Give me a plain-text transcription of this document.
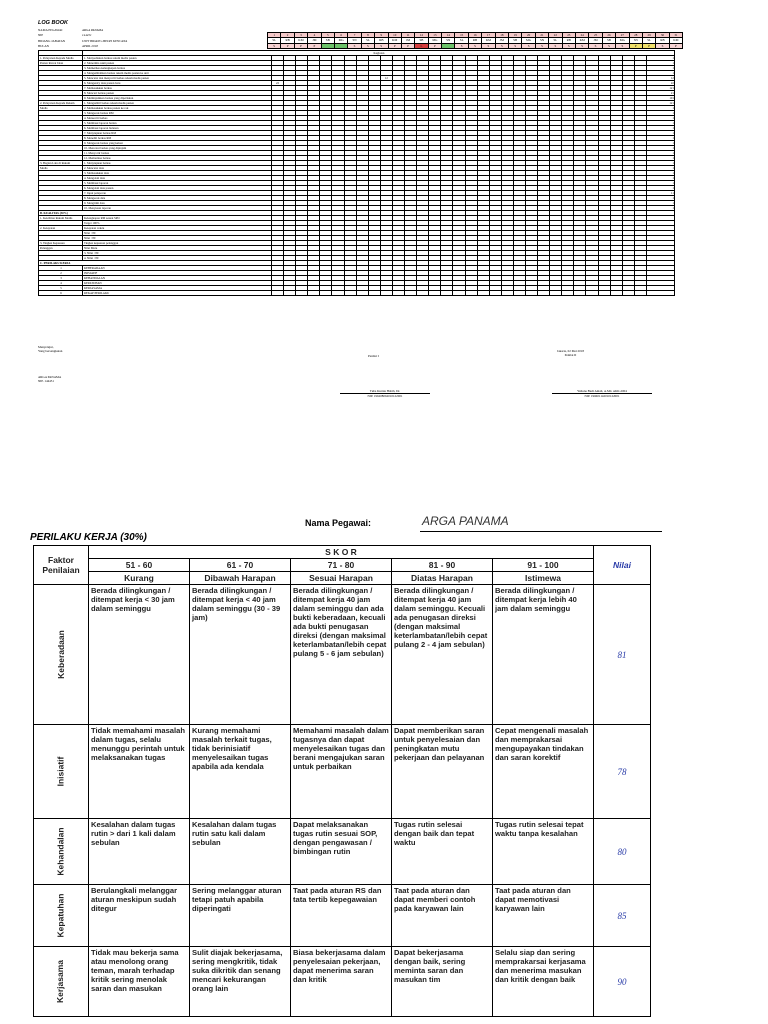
LOG BOOK
NAMA PEGAWAI	ARGA PANAMA
NIP	144451
BIDANG JABATAN	UNIT BIDANG MEDIS KENCANA
BULAN	APRIL 2018
1	2	3	4	5	6	7	8	9	10	11	12	13	14	15	16	17	18	19	20	21	22	23	24	25	26	27	28	29	30	31
SL	RB	KM	JM	SB	MG	SN	SL	RB	KM	JM	SB	MG	SN	SL	RB	KM	JM	SB	MG	SN	SL	RB	KM	JM	SB	MG	SN	SL	RB	KM
S	P	P	P			S	S	S	P	P	L	P		S	S	S	S	S	S	S	S	S	S	S	S	S	P	P	S	P
	Kegiatan																																
1. Pelayanan Kepada Medis	1. Menyediakan berkas rekam medis pasien																																1
Pasien Rawat Jalan	2. Menerima sakit pasien																																1
	3. Memeriksa kelengkapan berkas																																1
	4. Mengembalikan berkas rekam medis pasien ke unit																																1
	5. Mencatat dan menyortir berkas rekam medis pasien										12																						12
	6. Mengentry data pasien baru	22																															22
	7. Memasukkan berkas																																121
	8. Mencari berkas pasien																																21
	9. Meminjamkan berkas yang diperlukan																																101
2. Pelayanan Kepada Rekam	1. Mengambil berkas rekam medis pasien																																121
Medis	2. Memasukkan berkas pasien ke rak																																1
	3. Mengecek berkas RM																																1
	4. Mensortir berkas																																1
	5. Membuat laporan harian																																1
	6. Membuat laporan bulanan																																1
	7. Menyiapkan berkas RM																																1
	8. Meneliti berkas RM																																1
	9. Mengecek berkas yang keluar																																1
	10. Mencatat berkas yang dipinjam																																1
	11. Menyortir berkas																																1
	12. Memeriksa berkas																																1
3. Bagian Lain di Rekam	1. Menyiapkan berkas																																1
Medis	2. Mencatat data																																1
	3. Memasukkan data																																1
	4. Mengolah data																																1
	5. Membuat laporan																																1
	6. Mengolah data pasien																																1
	7. Input pelaporan																																11
	8. Mengecek data																																1
	9. Mengirim data																																1
	10. Menyusun laporan																																1
B. KUALITAS (30%)																																	
1. Ketelitian Rekam Medis	Kelengkapan RM sesuai SPO																																
	Target 100%																																
2. Ketepatan	Ketepatan waktu																																
	Nilai : 80																																
	Nilai : 80																																
3. Tingkat Kepuasan	Tingkat kepuasan pelanggan																																
Pelanggan	Nilai Mutu																																
	3. Nilai : 80																																
	4. Nilai : 80																																
C. PERILAKU KERJA																																	
1	KEBERADAAN																																
2	INISIATIF																																
3	KEHANDALAN																																
4	KEPATUHAN																																
5	KERJASAMA																																
6	REKAP PERILAKU																																
Menyetujui,
Yang bersangkutan
ARGA PANAMA
NIP. 144451
Penilai I
Jakarta, 02 Mei 2018
Penilai II
Tuba Kurnia Habib, Dr.
NIP. 196208062010122001
Yuliana Budi Amali, A.Md. AKK.2004
NIP. 196601142010122001
Nama Pegawai:	ARGA PANAMA
PERILAKU KERJA (30%)
Faktor Penilaian	S K O R					Nilai
	51 - 60	61 - 70	71 - 80	81 - 90	91 - 100	
	Kurang	Dibawah Harapan	Sesuai Harapan	Diatas Harapan	Istimewa	
Keberadaan	Berada dilingkungan / ditempat kerja < 30 jam dalam seminggu	Berada dilingkungan / ditempat kerja < 40 jam dalam seminggu (30 - 39 jam)	Berada dilingkungan / ditempat kerja 40 jam dalam seminggu dan ada bukti keberadaan, kecuali ada bukti penugasan direksi (dengan maksimal keterlambatan/lebih cepat pulang 5 - 6 jam sebulan)	Berada dilingkungan / ditempat kerja 40 jam dalam seminggu. Kecuali ada penugasan direksi (dengan maksimal keterlambatan/lebih cepat pulang 2 - 4 jam sebulan)	Berada dilingkungan / ditempat kerja lebih 40 jam dalam seminggu	81
Inisiatif	Tidak memahami masalah dalam tugas, selalu menunggu perintah untuk melaksanakan tugas	Kurang memahami masalah terkait tugas, tidak berinisiatif menyelesaikan tugas apabila ada kendala	Memahami masalah dalam tugasnya dan dapat menyelesaikan tugas dan berani mengajukan saran untuk perbaikan	Dapat memberikan saran untuk penyelesaian dan peningkatan mutu pekerjaan dan pelayanan	Cepat mengenali masalah dan memprakarsai mengupayakan tindakan dan saran korektif	78
Kehandalan	Kesalahan dalam tugas rutin > dari 1 kali dalam sebulan	Kesalahan dalam tugas rutin satu kali dalam sebulan	Dapat melaksanakan tugas rutin sesuai SOP, dengan pengawasan / bimbingan rutin	Tugas rutin selesai dengan baik dan tepat waktu	Tugas rutin selesai tepat waktu tanpa kesalahan	80
Kepatuhan	Berulangkali melanggar aturan meskipun sudah ditegur	Sering melanggar aturan tetapi patuh apabila diperingati	Taat pada aturan RS dan tata tertib kepegawaian	Taat pada aturan dan dapat memberi contoh pada karyawan lain	Taat pada aturan dan dapat memotivasi karyawan lain	85
Kerjasama	Tidak mau bekerja sama atau menolong orang teman, marah terhadap kritik sering menolak saran dan masukan	Sulit diajak bekerjasama, sering mengkritik, tidak suka dikritik dan senang mencari kekurangan orang lain	Biasa bekerjasama dalam penyelesaian pekerjaan, dapat menerima saran dan kritik	Dapat bekerjasama dengan baik, sering meminta saran dan masukan tim	Selalu siap dan sering memprakarsai kerjasama dan menerima masukan dan kritik dengan baik	90
